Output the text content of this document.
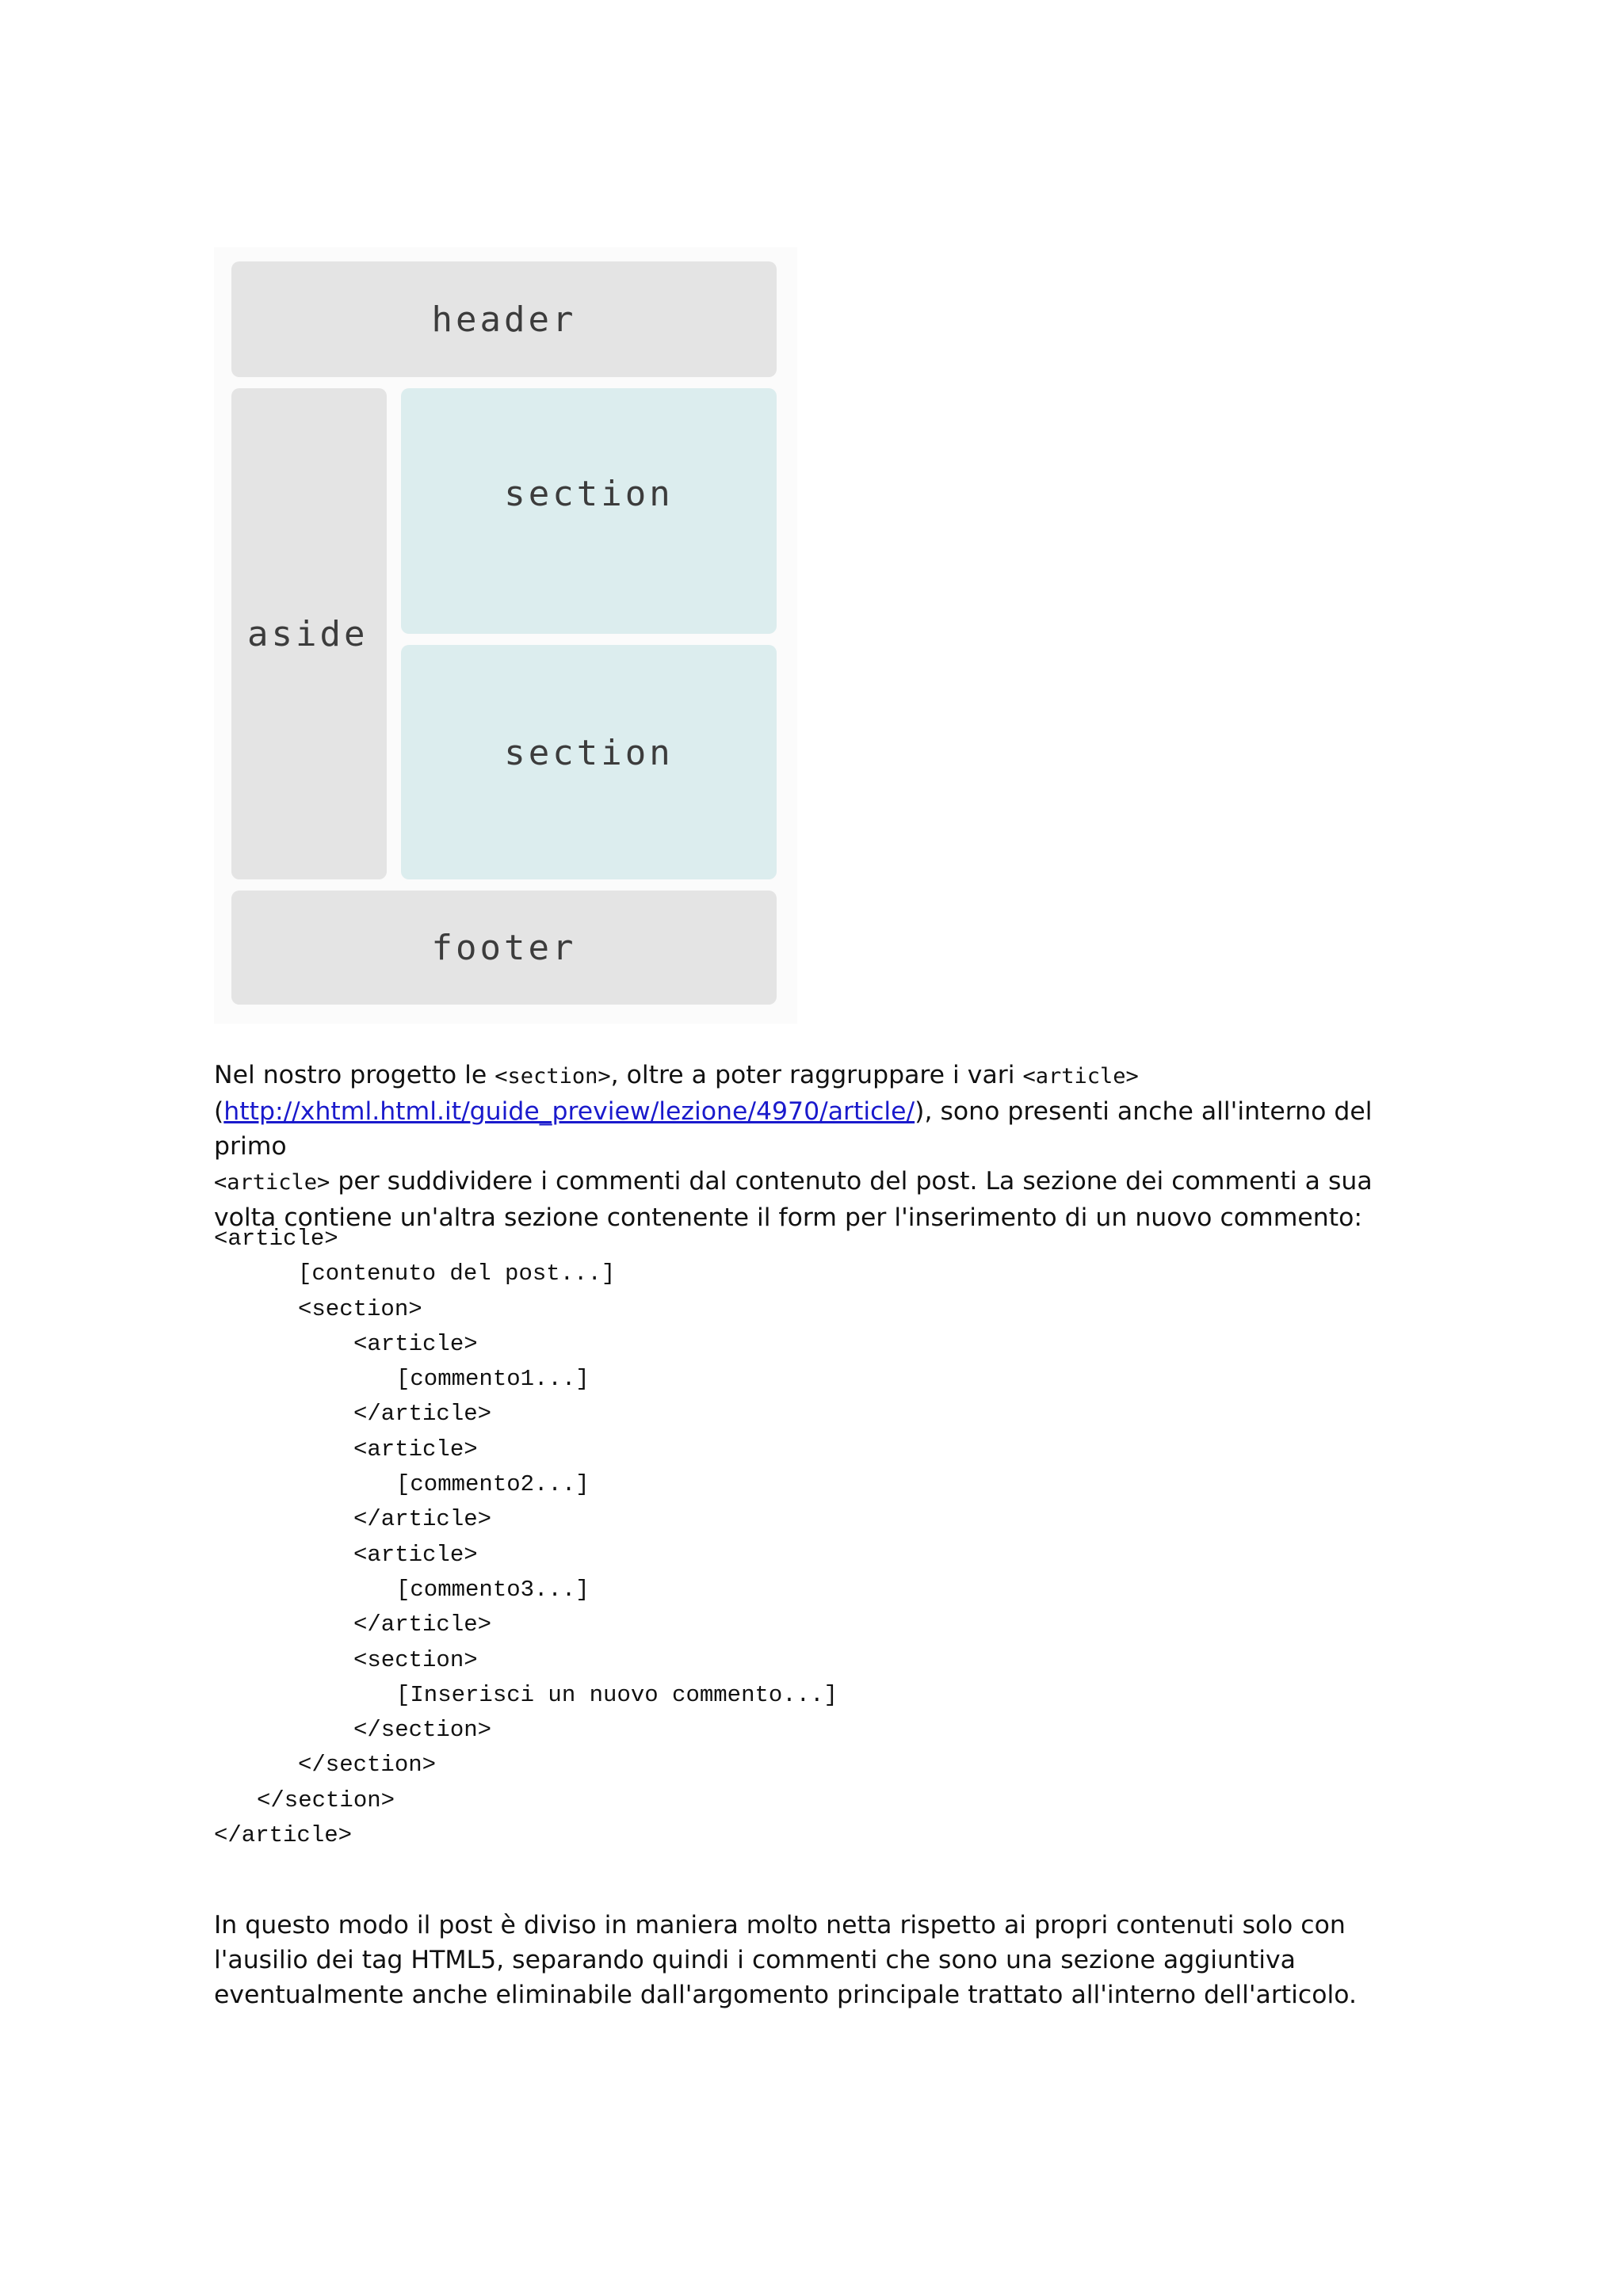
header
aside
section
section
footer

Nel nostro progetto le <section>, oltre a poter raggruppare i vari <article>
(http://xhtml.html.it/guide_preview/lezione/4970/article/), sono presenti anche all'interno del primo
<article> per suddividere i commenti dal contenuto del post. La sezione dei commenti a sua volta contiene un'altra sezione contenente il form per l'inserimento di un nuovo commento:

<article>
[contenuto del post...]
<section>
<article>
[commento1...]
</article>
<article>
[commento2...]
</article>
<article>
[commento3...]
</article>
<section>
[Inserisci un nuovo commento...]
</section>
</section>
</section>
</article>

In questo modo il post è diviso in maniera molto netta rispetto ai propri contenuti solo con l'ausilio dei tag HTML5, separando quindi i commenti che sono una sezione aggiuntiva eventualmente anche eliminabile dall'argomento principale trattato all'interno dell'articolo.
